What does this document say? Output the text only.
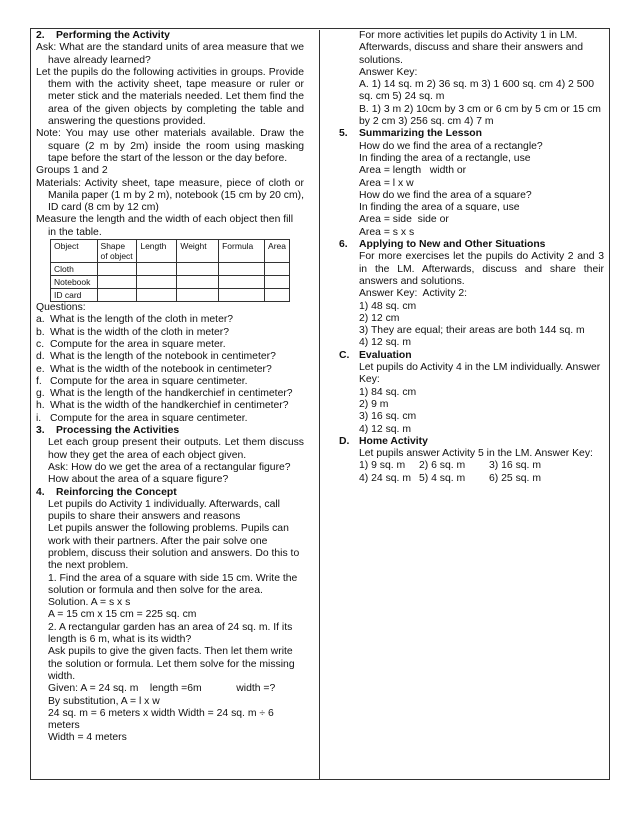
2.	Performing the Activity

Ask: What are the standard units of area measure that we have already learned?

Let the pupils do the following activities in groups. Provide them with the activity sheet, tape measure or ruler or meter stick and the materials needed. Let them find the area of the given objects by completing the table and answering the questions provided.

Note: You may use other materials available. Draw the square (2 m by 2m) inside the room using masking tape before the start of the lesson or the day before.

Groups 1 and 2

Materials: Activity sheet, tape measure, piece of cloth or Manila paper (1 m by 2 m), notebook (15 cm by 20 cm), ID card (8 cm by 12 cm)

Measure the length and the width of each object then fill in the table.

Object	Shape of object	Length	Weight	Formula	Area
Cloth					
Notebook					
ID card					

Questions:

a. What is the length of the cloth in meter?
b. What is the width of the cloth in meter?
c. Compute for the area in square meter.
d. What is the length of the notebook in centimeter?
e. What is the width of the notebook in centimeter?
f. Compute for the area in square centimeter.
g. What is the length of the handkerchief in centimeter?
h. What is the width of the handkerchief in centimeter?
i. Compute for the area in square centimeter.
3.	Processing the Activities

Let each group present their outputs. Let them discuss how they get the area of each object given.

Ask: How do we get the area of a rectangular figure? How about the area of a square figure?

4.	Reinforcing the Concept

Let pupils do Activity 1 individually. Afterwards, call pupils to share their answers and reasons

Let pupils answer the following problems. Pupils can work with their partners. After the pair solve one problem, discuss their solution and answers. Do this to the next problem.

1. Find the area of a square with side 15 cm. Write the solution or formula and then solve for the area.

Solution. A = s x s

A = 15 cm x 15 cm = 225 sq. cm

2. A rectangular garden has an area of 24 sq. m. If its length is 6 m, what is its width?

Ask pupils to give the given facts. Then let them write the solution or formula. Let them solve for the missing width.

Given: A = 24 sq. m    length =6m            width =?

By substitution, A = l x w

24 sq. m = 6 meters x width Width = 24 sq. m ÷ 6 meters

Width = 4 meters

For more activities let pupils do Activity 1 in LM. Afterwards, discuss and share their answers and solutions.

Answer Key:

A. 1) 14 sq. m 2) 36 sq. m 3) 1 600 sq. cm 4) 2 500 sq. cm 5) 24 sq. m

B. 1) 3 m 2) 10cm by 3 cm or 6 cm by 5 cm or 15 cm by 2 cm 3) 256 sq. cm 4) 7 m

5.	Summarizing the Lesson

How do we find the area of a rectangle?

In finding the area of a rectangle, use

Area = length   width or

Area = l x w

How do we find the area of a square?

In finding the area of a square, use

Area = side  side or

Area = s x s

6.	Applying to New and Other Situations

For more exercises let the pupils do Activity 2 and 3 in the LM. Afterwards, discuss and share their answers and solutions.

Answer Key:  Activity 2:

1) 48 sq. cm

2) 12 cm

3) They are equal; their areas are both 144 sq. m

4) 12 sq. m

C. Evaluation

Let pupils do Activity 4 in the LM individually. Answer Key:

1) 84 sq. cm

2) 9 m

3) 16 sq. cm

4) 12 sq. m

D. Home Activity

Let pupils answer Activity 5 in the LM. Answer Key:

1) 9 sq. m	2) 6 sq. m	3) 16 sq. m
4) 24 sq. m 5) 4 sq. m	6) 25 sq. m
